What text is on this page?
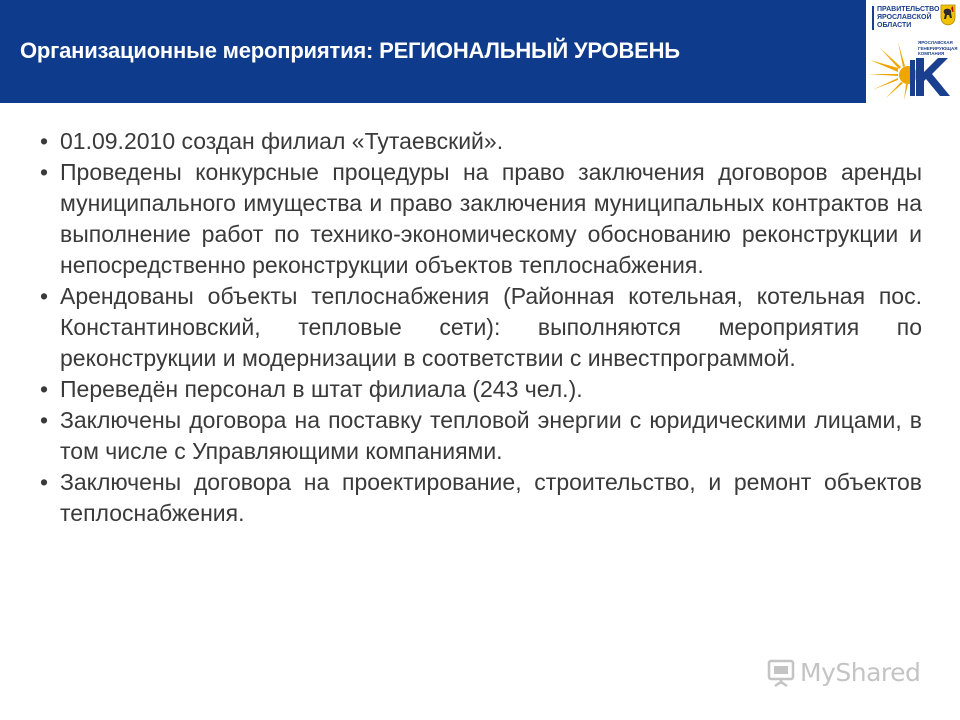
Организационные мероприятия: РЕГИОНАЛЬНЫЙ УРОВЕНЬ
ПРАВИТЕЛЬСТВО
ЯРОСЛАВСКОЙ
ОБЛАСТИ
ЯРОСЛАВСКАЯ
ГЕНЕРИРУЮЩАЯ
КОМПАНИЯ
• 01.09.2010 создан филиал «Тутаевский».
• Проведены конкурсные процедуры на право заключения договоров аренды муниципального имущества и право заключения муниципальных контрактов на выполнение работ по технико-экономическому обоснованию реконструкции и непосредственно реконструкции объектов теплоснабжения.
• Арендованы объекты теплоснабжения (Районная котельная, котельная пос. Константиновский, тепловые сети): выполняются мероприятия по реконструкции и модернизации в соответствии с инвестпрограммой.
• Переведён персонал в штат филиала (243 чел.).
• Заключены договора на поставку тепловой энергии с юридическими лицами, в том числе с Управляющими компаниями.
• Заключены договора на проектирование, строительство, и ремонт объектов теплоснабжения.
MyShared
